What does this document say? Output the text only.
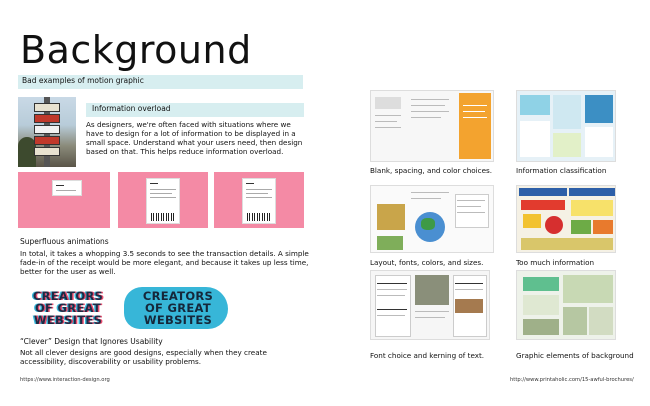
Background
Bad examples of motion graphic
Information overload
As designers, we're often faced with situations where we have to design for a lot of information to be displayed in a small space. Understand what your users need, then design based on that. This helps reduce information overload.
Superfluous animations
In total, it takes a whopping 3.5 seconds to see the transaction details. A simple fade-in of the receipt would be more elegant, and because it takes up less time, better for the user as well.
CREATORS
OF GREAT
WEBSITES
CREATORS
OF GREAT
WEBSITES
“Clever” Design that Ignores Usability
Not all clever designs are good designs, especially when they create accessibility, discoverability or usability problems.
https://www.interaction-design.org
Blank, spacing, and color choices.	Information classification
Layout, fonts, colors, and sizes.	Too much information
Font choice and kerning of text.	Graphic elements of background
http://www.printaholic.com/15-awful-brochures/
